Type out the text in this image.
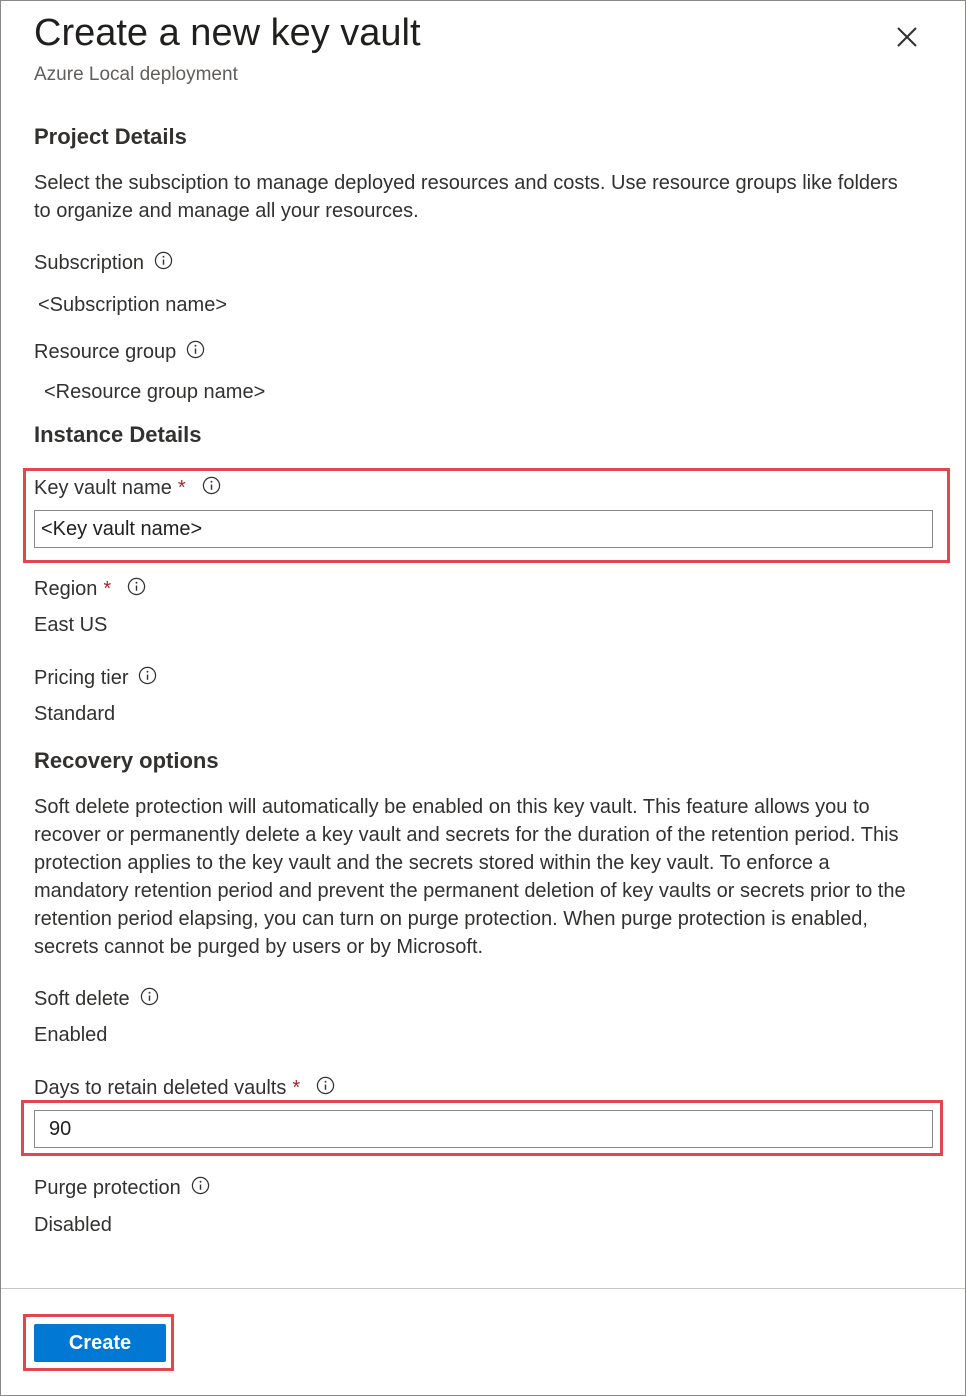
Create a new key vault
Azure Local deployment
Project Details
Select the subsciption to manage deployed resources and costs. Use resource groups like folders to organize and manage all your resources.
Subscription
<Subscription name>
Resource group
<Resource group name>
Instance Details
Key vault name *
<Key vault name>
Region *
East US
Pricing tier
Standard
Recovery options
Soft delete protection will automatically be enabled on this key vault. This feature allows you to recover or permanently delete a key vault and secrets for the duration of the retention period. This protection applies to the key vault and the secrets stored within the key vault. To enforce a mandatory retention period and prevent the permanent deletion of key vaults or secrets prior to the retention period elapsing, you can turn on purge protection. When purge protection is enabled, secrets cannot be purged by users or by Microsoft.
Soft delete
Enabled
Days to retain deleted vaults *
90
Purge protection
Disabled
Create
